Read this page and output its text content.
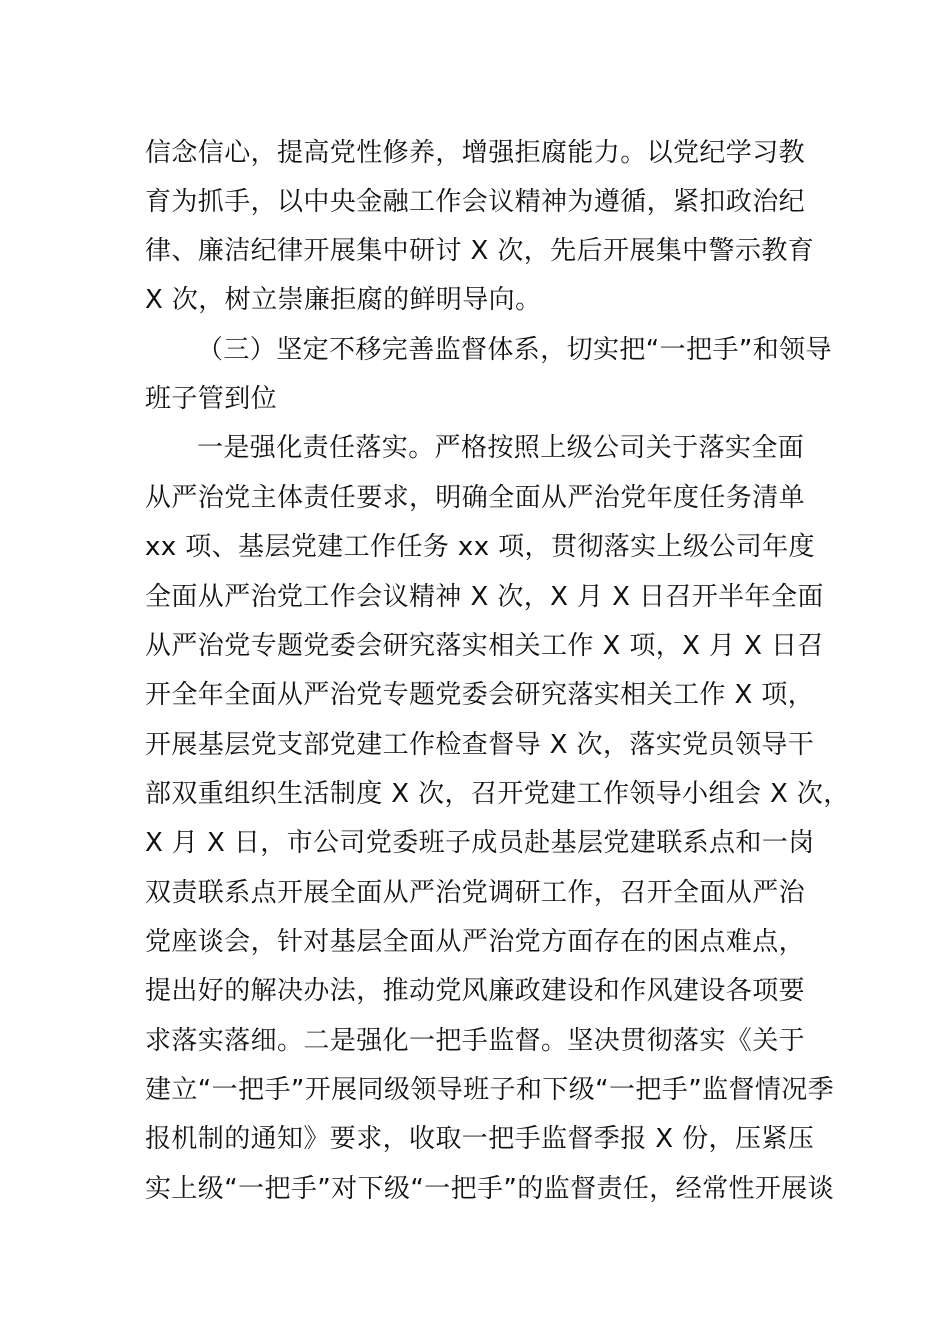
信念信心，提高党性修养，增强拒腐能力。以党纪学习教
育为抓手，以中央金融工作会议精神为遵循，紧扣政治纪
律、廉洁纪律开展集中研讨 X 次，先后开展集中警示教育
X 次，树立崇廉拒腐的鲜明导向。
（三）坚定不移完善监督体系，切实把“一把手”和领导
班子管到位
一是强化责任落实。严格按照上级公司关于落实全面
从严治党主体责任要求，明确全面从严治党年度任务清单
xx 项、基层党建工作任务 xx 项，贯彻落实上级公司年度
全面从严治党工作会议精神 X 次，X 月 X 日召开半年全面
从严治党专题党委会研究落实相关工作 X 项，X 月 X 日召
开全年全面从严治党专题党委会研究落实相关工作 X 项，
开展基层党支部党建工作检查督导 X 次，落实党员领导干
部双重组织生活制度 X 次，召开党建工作领导小组会 X 次，
X 月 X 日，市公司党委班子成员赴基层党建联系点和一岗
双责联系点开展全面从严治党调研工作，召开全面从严治
党座谈会，针对基层全面从严治党方面存在的困点难点，
提出好的解决办法，推动党风廉政建设和作风建设各项要
求落实落细。二是强化一把手监督。坚决贯彻落实《关于
建立“一把手”开展同级领导班子和下级“一把手”监督情况季
报机制的通知》要求，收取一把手监督季报 X 份，压紧压
实上级“一把手”对下级“一把手”的监督责任，经常性开展谈
